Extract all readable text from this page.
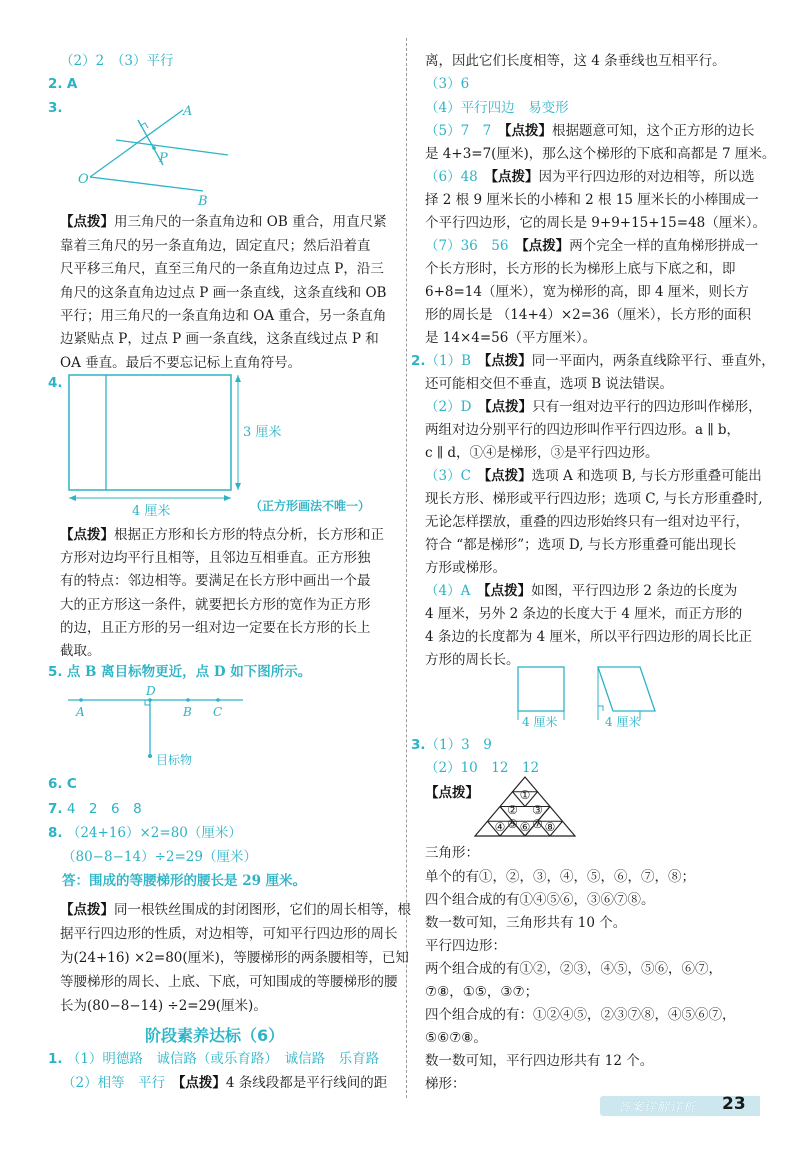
（2）2　（3）平行
2. A
3.	A
P
O
B
【点拨】用三角尺的一条直角边和 OB 重合，用直尺紧
靠着三角尺的另一条直角边，固定直尺；然后沿着直
尺平移三角尺，直至三角尺的一条直角边过点 P，沿三
角尺的这条直角边过点 P 画一条直线，这条直线和 OB
平行；用三角尺的一条直角边和 OA 重合，另一条直角
边紧贴点 P，过点 P 画一条直线，这条直线过点 P 和
OA 垂直。最后不要忘记标上直角符号。
4.
3 厘米
4 厘米	（正方形画法不唯一）
【点拨】根据正方形和长方形的特点分析，长方形和正
方形对边均平行且相等，且邻边互相垂直。正方形独
有的特点：邻边相等。要满足在长方形中画出一个最
大的正方形这一条件，就要把长方形的宽作为正方形
的边，且正方形的另一组对边一定要在长方形的长上
截取。
5. 点 B 离目标物更近，点 D 如下图所示。
A
D
B C
目标物
6. C
7. 4　2　6　8
8. （24+16）×2=80（厘米）
（80−8−14）÷2=29（厘米）
答：围成的等腰梯形的腰长是 29 厘米。
【点拨】同一根铁丝围成的封闭图形，它们的周长相等，根
据平行四边形的性质，对边相等，可知平行四边形的周长
为(24+16) ×2=80(厘米)，等腰梯形的两条腰相等，已知
等腰梯形的周长、上底、下底，可知围成的等腰梯形的腰
长为(80−8−14) ÷2=29(厘米)。
阶段素养达标（6）
1. （1）明德路　诚信路（或乐育路）　诚信路　乐育路
（2）相等　平行　 【点拨】4 条线段都是平行线间的距
离，因此它们长度相等，这 4 条垂线也互相平行。
（3）6
（4）平行四边　易变形
（5）7　7　 【点拨】根据题意可知，这个正方形的边长
是 4+3=7(厘米)，那么这个梯形的下底和高都是 7 厘米。
（6）48　 【点拨】因为平行四边形的对边相等，所以选
择 2 根 9 厘米长的小棒和 2 根 15 厘米长的小棒围成一
个平行四边形，它的周长是 9+9+15+15=48（厘米）。
（7）36　56　 【点拨】两个完全一样的直角梯形拼成一
个长方形时，长方形的长为梯形上底与下底之和，即
6+8=14（厘米），宽为梯形的高，即 4 厘米，则长方
形的周长是 （14+4）×2=36（厘米），长方形的面积
是 14×4=56（平方厘米）。
2.（1）B　 【点拨】同一平面内，两条直线除平行、垂直外，
还可能相交但不垂直，选项 B 说法错误。
（2）D　 【点拨】只有一组对边平行的四边形叫作梯形，
两组对边分别平行的四边形叫作平行四边形。a ∥ b，
c ∥ d，①④是梯形，③是平行四边形。
（3）C　 【点拨】选项 A 和选项 B, 与长方形重叠可能出
现长方形、梯形或平行四边形；选项 C, 与长方形重叠时,
无论怎样摆放，重叠的四边形始终只有一组对边平行，
符合 “都是梯形”；选项 D, 与长方形重叠可能出现长
方形或梯形。
（4）A　 【点拨】如图，平行四边形 2 条边的长度为
4 厘米，另外 2 条边的长度大于 4 厘米，而正方形的
4 条边的长度都为 4 厘米，所以平行四边形的周长比正
方形的周长长。
4 厘米	4 厘米
3.（1）3　9
（2）10　12　12
【点拨】	①
② ③
④ ⑤ ⑥ ⑦ ⑧
三角形：
单个的有①，②，③，④，⑤，⑥，⑦，⑧；
四个组合成的有①④⑤⑥，③⑥⑦⑧。
数一数可知，三角形共有 10 个。
平行四边形：
两个组合成的有①②，②③，④⑤，⑤⑥，⑥⑦，
⑦⑧，①⑤，③⑦；
四个组合成的有：①②④⑤，②③⑦⑧，④⑤⑥⑦，
⑤⑥⑦⑧。
数一数可知，平行四边形共有 12 个。
梯形：
答案详解详析 23
